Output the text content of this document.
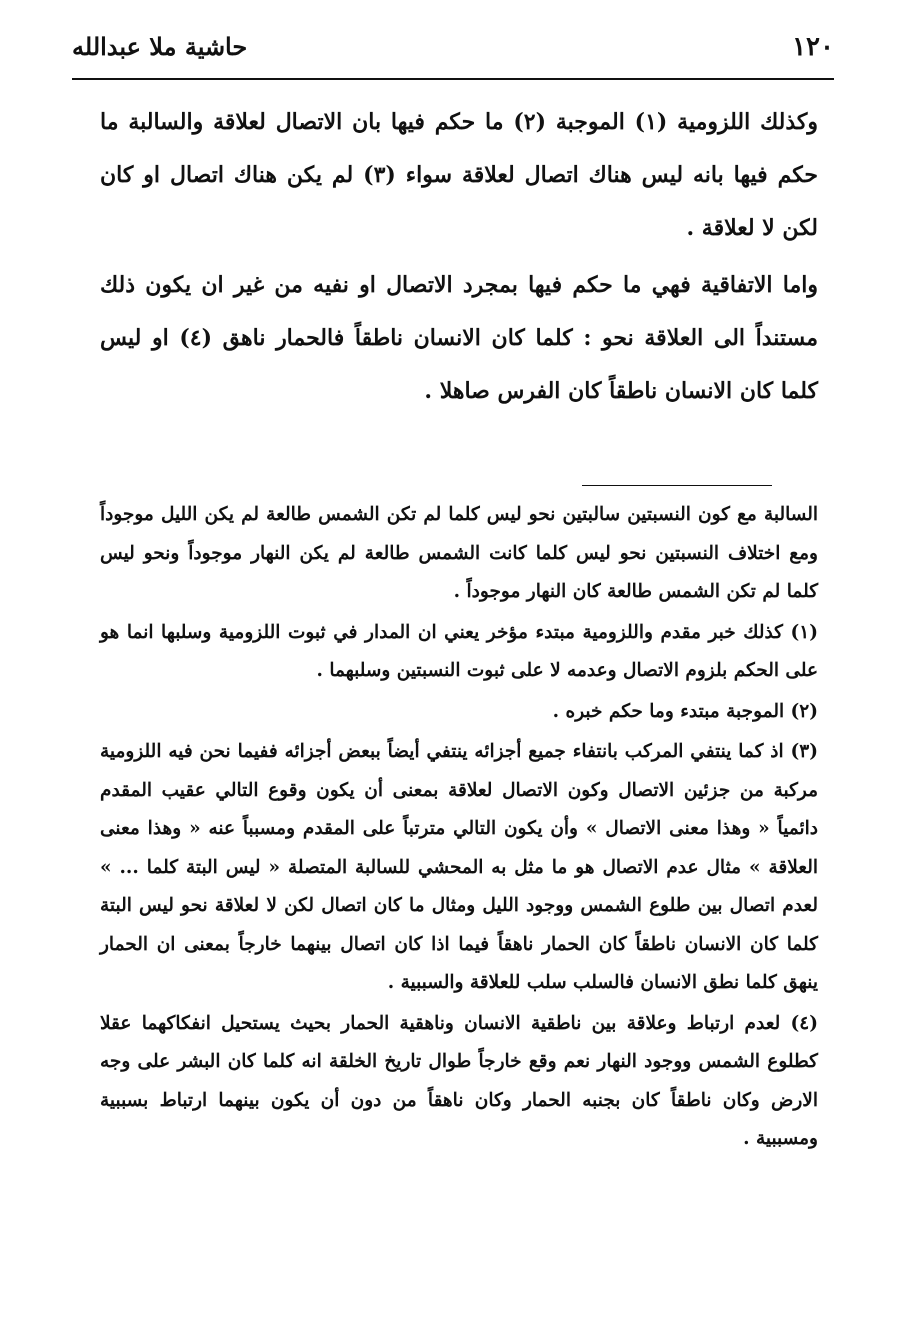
١٢٠
حاشية ملا عبدالله

وكذلك اللزومية (١) الموجبة (٢) ما حكم فيها بان الاتصال لعلاقة والسالبة ما حكم فيها بانه ليس هناك اتصال لعلاقة سواء (٣) لم يكن هناك اتصال او كان لكن لا لعلاقة .

واما الاتفاقية فهي ما حكم فيها بمجرد الاتصال او نفيه من غير ان يكون ذلك مستنداً الى العلاقة نحو : كلما كان الانسان ناطقاً فالحمار ناهق (٤) او ليس كلما كان الانسان ناطقاً كان الفرس صاهلا .

السالبة مع كون النسبتين سالبتين نحو ليس كلما لم تكن الشمس طالعة لم يكن الليل موجوداً ومع اختلاف النسبتين نحو ليس كلما كانت الشمس طالعة لم يكن النهار موجوداً ونحو ليس كلما لم تكن الشمس طالعة كان النهار موجوداً .

(١) كذلك خبر مقدم واللزومية مبتدء مؤخر يعني ان المدار في ثبوت اللزومية وسلبها انما هو على الحكم بلزوم الاتصال وعدمه لا على ثبوت النسبتين وسلبهما .

(٢) الموجبة مبتدء وما حكم خبره .

(٣) اذ كما ينتفي المركب بانتفاء جميع أجزائه ينتفي أيضاً ببعض أجزائه ففيما نحن فيه اللزومية مركبة من جزئين الاتصال وكون الاتصال لعلاقة بمعنى أن يكون وقوع التالي عقيب المقدم دائمياً « وهذا معنى الاتصال » وأن يكون التالي مترتباً على المقدم ومسبباً عنه « وهذا معنى العلاقة » مثال عدم الاتصال هو ما مثل به المحشي للسالبة المتصلة « ليس البتة كلما ... » لعدم اتصال بين طلوع الشمس ووجود الليل ومثال ما كان اتصال لكن لا لعلاقة نحو ليس البتة كلما كان الانسان ناطقاً كان الحمار ناهقاً فيما اذا كان اتصال بينهما خارجاً بمعنى ان الحمار ينهق كلما نطق الانسان فالسلب سلب للعلاقة والسببية .

(٤) لعدم ارتباط وعلاقة بين ناطقية الانسان وناهقية الحمار بحيث يستحيل انفكاكهما عقلا كطلوع الشمس ووجود النهار نعم وقع خارجاً طوال تاريخ الخلقة انه كلما كان البشر على وجه الارض وكان ناطقاً كان بجنبه الحمار وكان ناهقاً من دون أن يكون بينهما ارتباط بسببية ومسببية .
